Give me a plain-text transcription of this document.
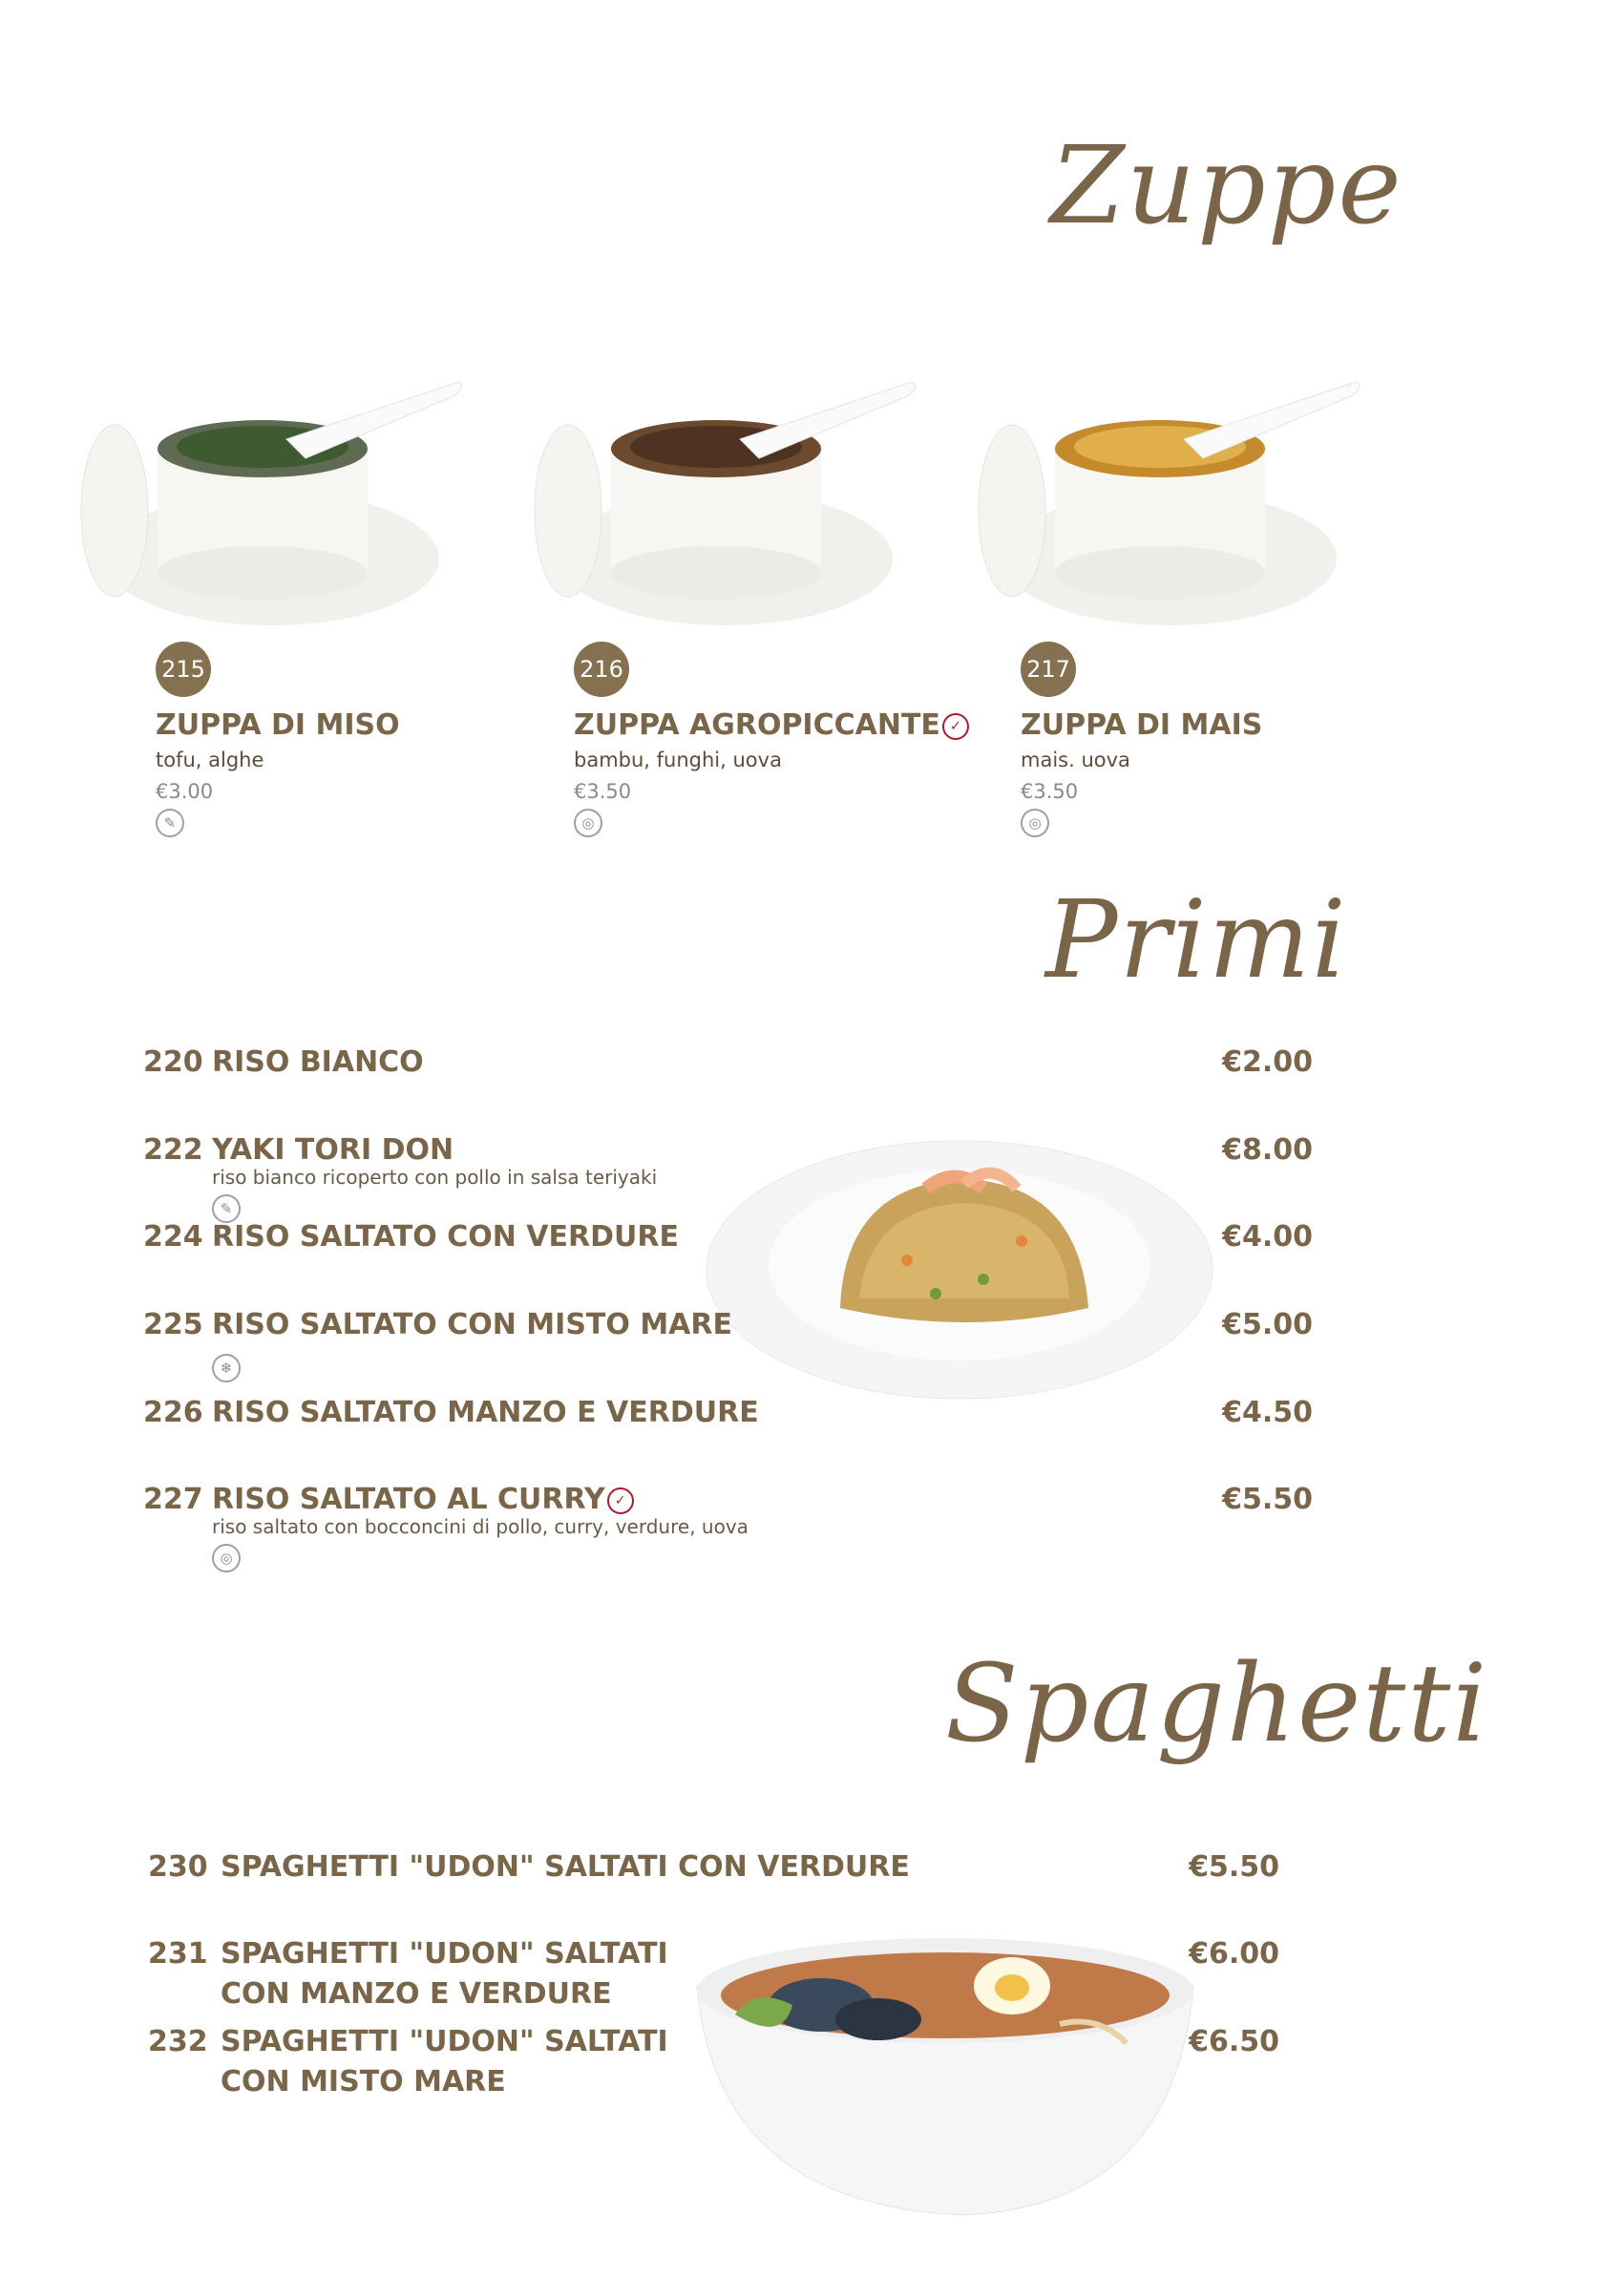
Zuppe
Primi
Spaghetti
215
ZUPPA DI MISO
tofu, alghe
€3.00
✎
216
ZUPPA AGROPICCANTE ✓
bambu, funghi, uova
€3.50
◎
217
ZUPPA DI MAIS
mais. uova
€3.50
◎
220 RISO BIANCO	€2.00
222 YAKI TORI DON	€8.00
riso bianco ricoperto con pollo in salsa teriyaki
✎
224 RISO SALTATO CON VERDURE	€4.00
225 RISO SALTATO CON MISTO MARE	€5.00
❄
226 RISO SALTATO MANZO E VERDURE	€4.50
227 RISO SALTATO AL CURRY ✓	€5.50
riso saltato con bocconcini di pollo, curry, verdure, uova
◎
230 SPAGHETTI "UDON" SALTATI CON VERDURE	€5.50
231 SPAGHETTI "UDON" SALTATI
CON MANZO E VERDURE
€6.00
232 SPAGHETTI "UDON" SALTATI
CON MISTO MARE
€6.50
